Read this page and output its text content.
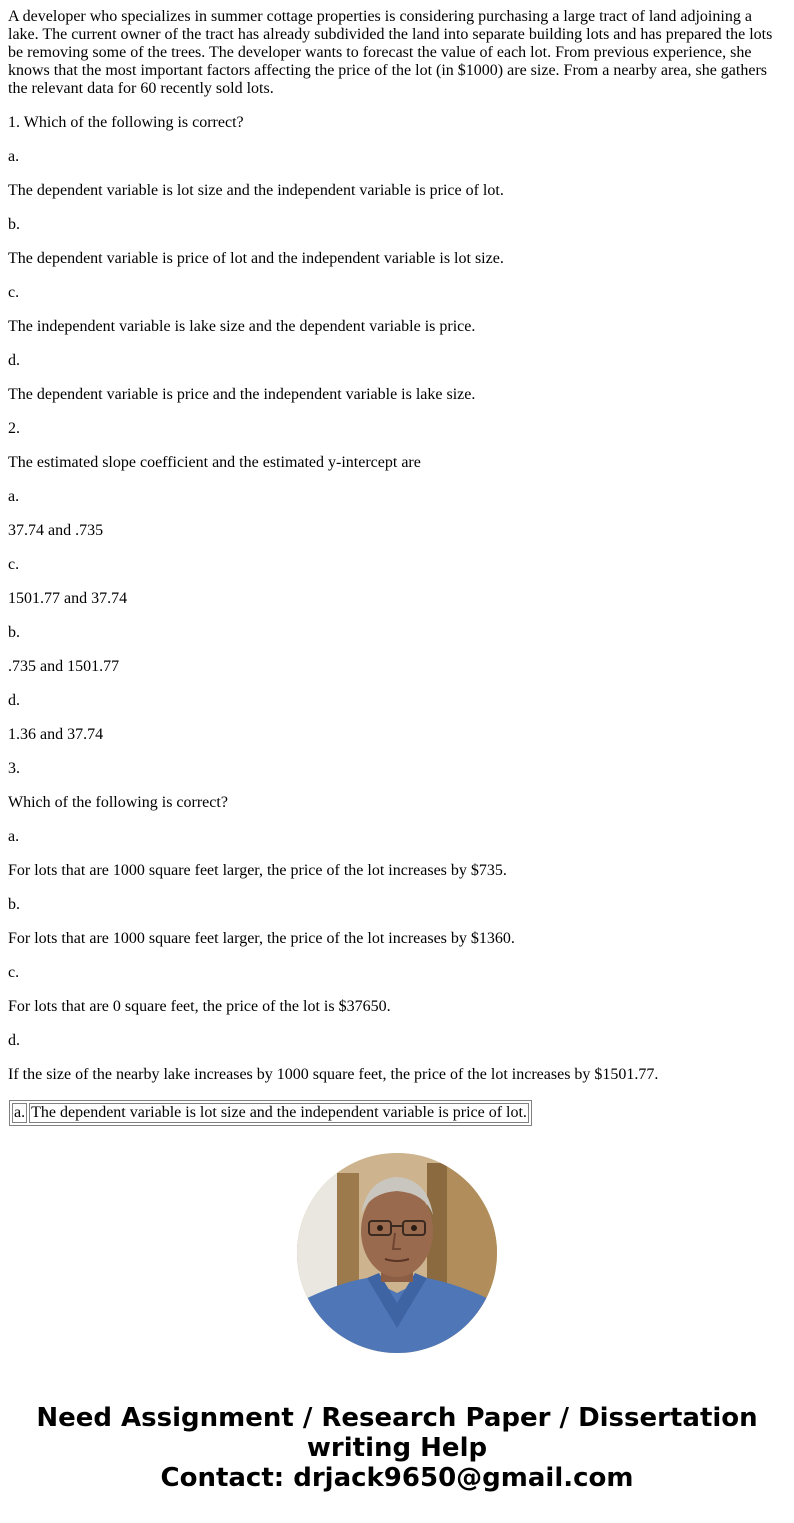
A developer who specializes in summer cottage properties is considering purchasing a large tract of land adjoining a lake. The current owner of the tract has already subdivided the land into separate building lots and has prepared the lots be removing some of the trees. The developer wants to forecast the value of each lot. From previous experience, she knows that the most important factors affecting the price of the lot (in $1000) are size. From a nearby area, she gathers the relevant data for 60 recently sold lots.

1. Which of the following is correct?

a.

The dependent variable is lot size and the independent variable is price of lot.

b.

The dependent variable is price of lot and the independent variable is lot size.

c.

The independent variable is lake size and the dependent variable is price.

d.

The dependent variable is price and the independent variable is lake size.

2.

The estimated slope coefficient and the estimated y-intercept are

a.

37.74 and .735

c.

1501.77 and 37.74

b.

.735 and 1501.77

d.

1.36 and 37.74

3.

Which of the following is correct?

a.

For lots that are 1000 square feet larger, the price of the lot increases by $735.

b.

For lots that are 1000 square feet larger, the price of the lot increases by $1360.

c.

For lots that are 0 square feet, the price of the lot is $37650.

d.

If the size of the nearby lake increases by 1000 square feet, the price of the lot increases by $1501.77.

a.	The dependent variable is lot size and the independent variable is price of lot.
Need Assignment / Research Paper / Dissertation
writing Help
Contact: drjack9650@gmail.com
